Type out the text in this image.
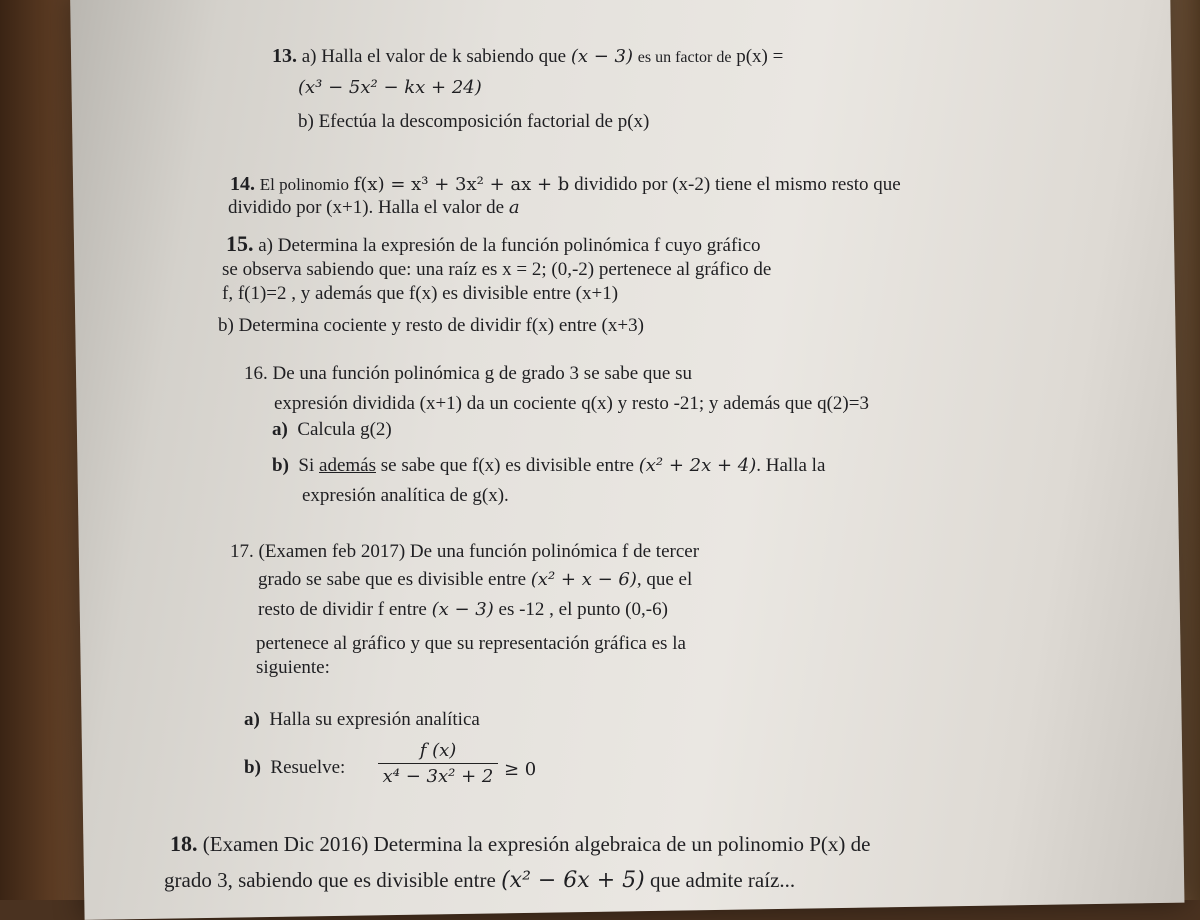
13. a) Halla el valor de k sabiendo que (x − 3) es un factor de p(x) =
(x³ − 5x² − kx + 24)
b) Efectúa la descomposición factorial de p(x)
14. El polinomio f(x) = x³ + 3x² + ax + b dividido por (x-2) tiene el mismo resto que
dividido por (x+1). Halla el valor de a
15. a) Determina la expresión de la función polinómica f cuyo gráfico
se observa sabiendo que: una raíz es x = 2; (0,-2) pertenece al gráfico de
f, f(1)=2 , y además que f(x) es divisible entre (x+1)
b) Determina cociente y resto de dividir f(x) entre (x+3)
16. De una función polinómica g de grado 3 se sabe que su
expresión dividida (x+1) da un cociente q(x) y resto -21; y además que q(2)=3
a) Calcula g(2)
b) Si además se sabe que f(x) es divisible entre (x² + 2x + 4). Halla la
expresión analítica de g(x).
17. (Examen feb 2017) De una función polinómica f de tercer
grado se sabe que es divisible entre (x² + x − 6), que el
resto de dividir f entre (x − 3) es -12 , el punto (0,-6)
pertenece al gráfico y que su representación gráfica es la
siguiente:
a) Halla su expresión analítica
b) Resuelve:
f (x)
x⁴ − 3x² + 2 ≥ 0
18. (Examen Dic 2016) Determina la expresión algebraica de un polinomio P(x) de
grado 3, sabiendo que es divisible entre (x² − 6x + 5) que admite raíz...
